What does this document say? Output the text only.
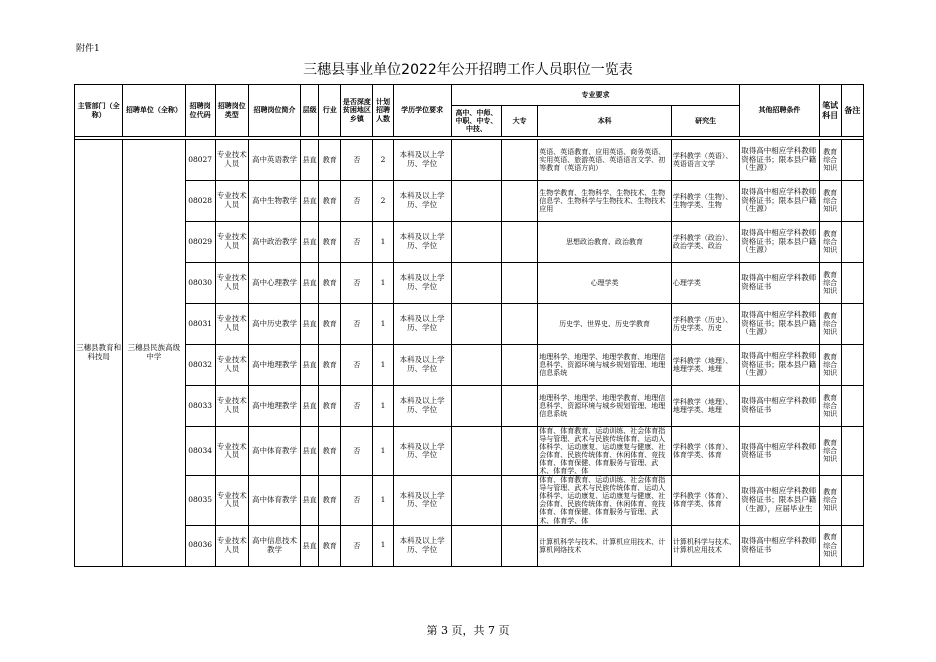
附件1
三穗县事业单位2022年公开招聘工作人员职位一览表
主管部门（全称）	招聘单位（全称）	招聘岗位代码	招聘岗位类型	招聘岗位简介	层级	行业	是否深度贫困地区乡镇	计划招聘人数	学历学位要求	专业要求				其他招聘条件	笔试科目	备注
										高中、中师、中职、中专、中技、	大专	本科	研究生			

三穗县教育和科技局	三穗县民族高级中学	08027	专业技术人员	高中英语教学	县直	教育	否	2	本科及以上学历、学位			英语、英语教育、应用英语、商务英语、实用英语、旅游英语、英语语言文学、初等教育（英语方向）	学科教学（英语）、英语语言文学	取得高中相应学科教师资格证书；限本县户籍（生源）	教育综合知识	
		08028	专业技术人员	高中生物教学	县直	教育	否	2	本科及以上学历、学位			生物学教育、生物科学、生物技术、生物信息学、生物科学与生物技术、生物技术应用	学科教学（生物）、生物学类、生物	取得高中相应学科教师资格证书；限本县户籍（生源）	教育综合知识	
		08029	专业技术人员	高中政治教学	县直	教育	否	1	本科及以上学历、学位			思想政治教育、政治教育	学科教学（政治）、政治学类、政治	取得高中相应学科教师资格证书；限本县户籍（生源）	教育综合知识	
		08030	专业技术人员	高中心理教学	县直	教育	否	1	本科及以上学历、学位			心理学类	心理学类	取得高中相应学科教师资格证书	教育综合知识	
		08031	专业技术人员	高中历史教学	县直	教育	否	1	本科及以上学历、学位			历史学、世界史、历史学教育	学科教学（历史）、历史学类、历史	取得高中相应学科教师资格证书；限本县户籍（生源）	教育综合知识	
		08032	专业技术人员	高中地理教学	县直	教育	否	1	本科及以上学历、学位			地理科学、地理学、地理学教育、地理信息科学、资源环境与城乡规划管理、地理信息系统	学科教学（地理）、地理学类、地理	取得高中相应学科教师资格证书；限本县户籍（生源）	教育综合知识	
		08033	专业技术人员	高中地理教学	县直	教育	否	1	本科及以上学历、学位			地理科学、地理学、地理学教育、地理信息科学、资源环境与城乡规划管理、地理信息系统	学科教学（地理）、地理学类、地理	取得高中相应学科教师资格证书	教育综合知识	
		08034	专业技术人员	高中体育教学	县直	教育	否	1	本科及以上学历、学位			体育、体育教育、运动训练、社会体育指导与管理、武术与民族传统体育、运动人体科学、运动康复、运动康复与健康、社会体育、民族传统体育、休闲体育、竞技体育、体育保健、体育服务与管理、武术、体育学、体	学科教学（体育）、体育学类、体育	取得高中相应学科教师资格证书	教育综合知识	
		08035	专业技术人员	高中体育教学	县直	教育	否	1	本科及以上学历、学位			体育、体育教育、运动训练、社会体育指导与管理、武术与民族传统体育、运动人体科学、运动康复、运动康复与健康、社会体育、民族传统体育、休闲体育、竞技体育、体育保健、体育服务与管理、武术、体育学、体	学科教学（体育）、体育学类、体育	取得高中相应学科教师资格证书；限本县户籍（生源），应届毕业生	教育综合知识	
		08036	专业技术人员	高中信息技术教学	县直	教育	否	1	本科及以上学历、学位			计算机科学与技术、计算机应用技术、计算机网络技术	计算机科学与技术、计算机应用技术	取得高中相应学科教师资格证书	教育综合知识	
第 3 页，共 7 页
